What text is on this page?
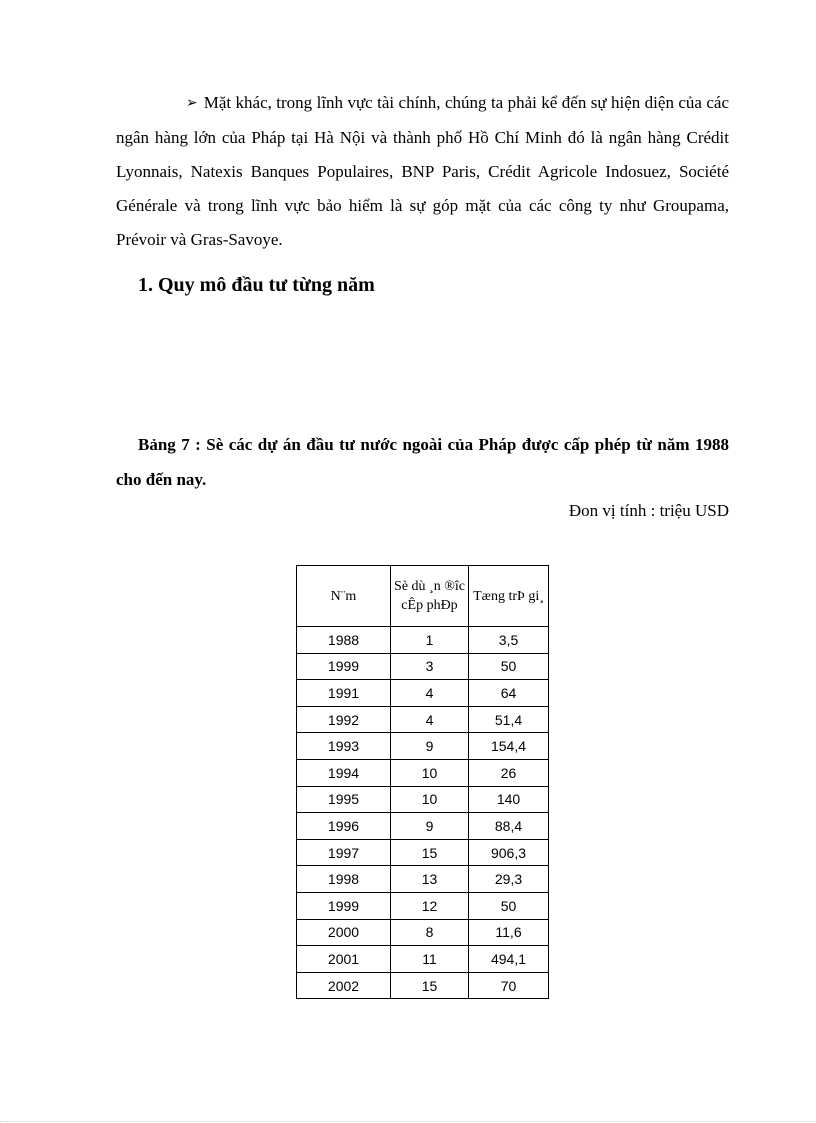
➢ Mặt khác, trong lĩnh vực tài chính, chúng ta phải kể đến sự hiện diện của các ngân hàng lớn của Pháp tại Hà Nội và thành phố Hồ Chí Minh đó là ngân hàng Crédit Lyonnais, Natexis Banques Populaires, BNP Paris, Crédit Agricole Indosuez, Société Générale và trong lĩnh vực bảo hiểm là sự góp mặt của các công ty như Groupama, Prévoir và Gras-Savoye.

1. Quy mô đầu tư từng năm

Bảng 7 : Sè các dự án đầu tư nước ngoài của Pháp được cấp phép từ năm 1988 cho đến nay.

Đon vị tính : triệu USD

N¨m	Sè dù ¸n ®îc cÊp phÐp	Tæng trÞ gi¸
1988	1	3,5
1999	3	50
1991	4	64
1992	4	51,4
1993	9	154,4
1994	10	26
1995	10	140
1996	9	88,4
1997	15	906,3
1998	13	29,3
1999	12	50
2000	8	11,6
2001	11	494,1
2002	15	70
